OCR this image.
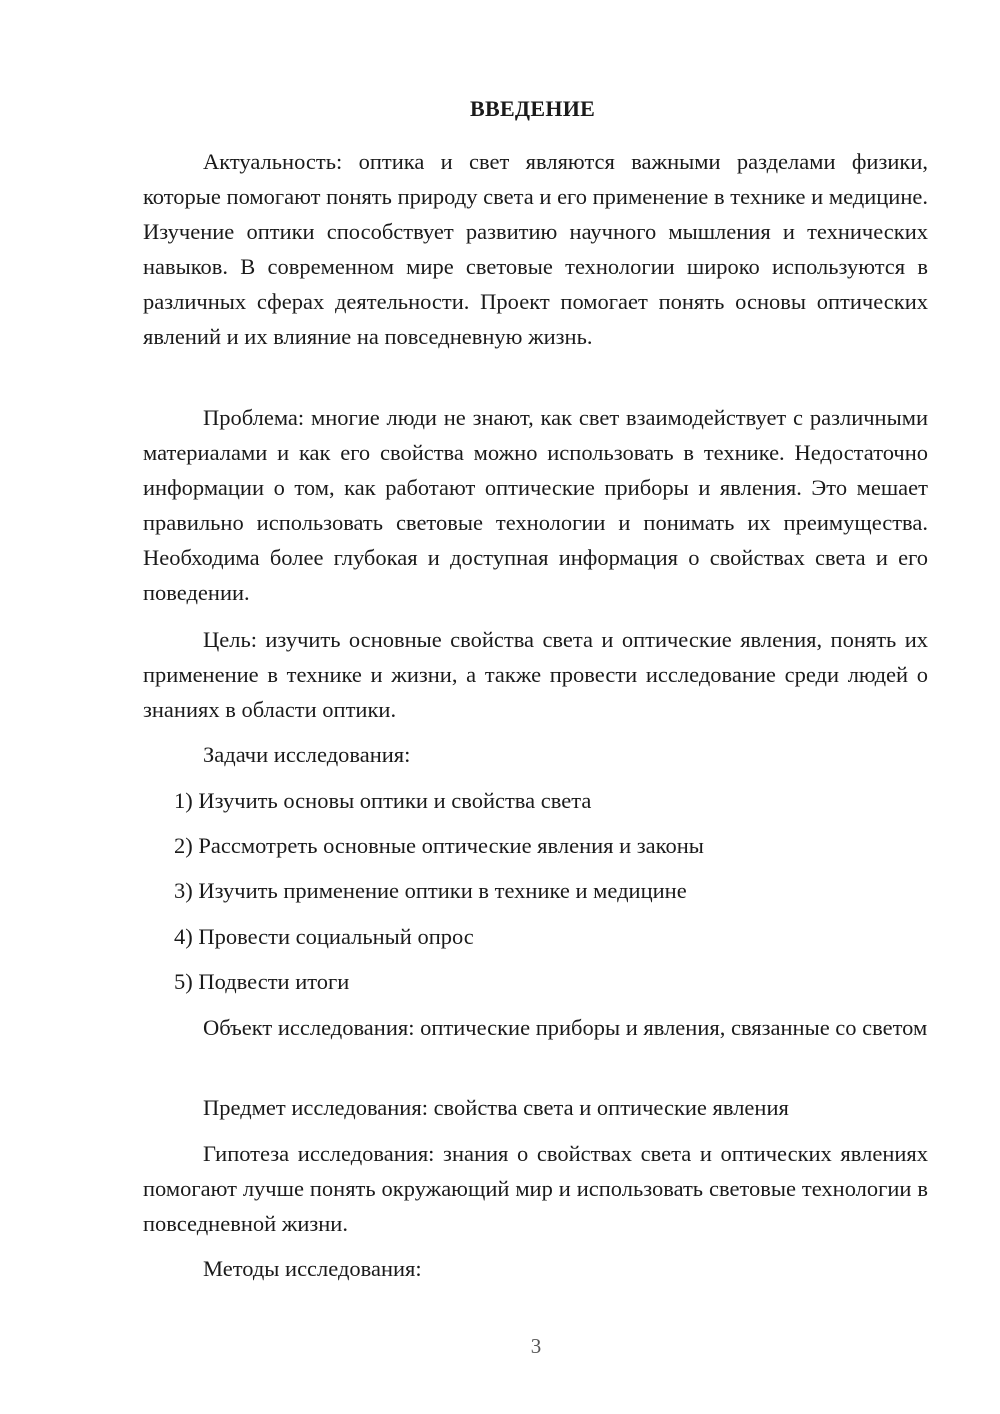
ВВЕДЕНИЕ

Актуальность: оптика и свет являются важными разделами физики, которые помогают понять природу света и его применение в технике и медицине. Изучение оптики способствует развитию научного мышления и технических навыков. В современном мире световые технологии широко используются в различных сферах деятельности. Проект помогает понять основы оптических явлений и их влияние на повседневную жизнь.

Проблема: многие люди не знают, как свет взаимодействует с различными материалами и как его свойства можно использовать в технике. Недостаточно информации о том, как работают оптические приборы и явления. Это мешает правильно использовать световые технологии и понимать их преимущества. Необходима более глубокая и доступная информация о свойствах света и его поведении.

Цель: изучить основные свойства света и оптические явления, понять их применение в технике и жизни, а также провести исследование среди людей о знаниях в области оптики.

Задачи исследования:

1) Изучить основы оптики и свойства света

2) Рассмотреть основные оптические явления и законы

3) Изучить применение оптики в технике и медицине

4) Провести социальный опрос

5) Подвести итоги

Объект исследования: оптические приборы и явления, связанные со светом

Предмет исследования: свойства света и оптические явления

Гипотеза исследования: знания о свойствах света и оптических явлениях помогают лучше понять окружающий мир и использовать световые технологии в повседневной жизни.

Методы исследования:

3
